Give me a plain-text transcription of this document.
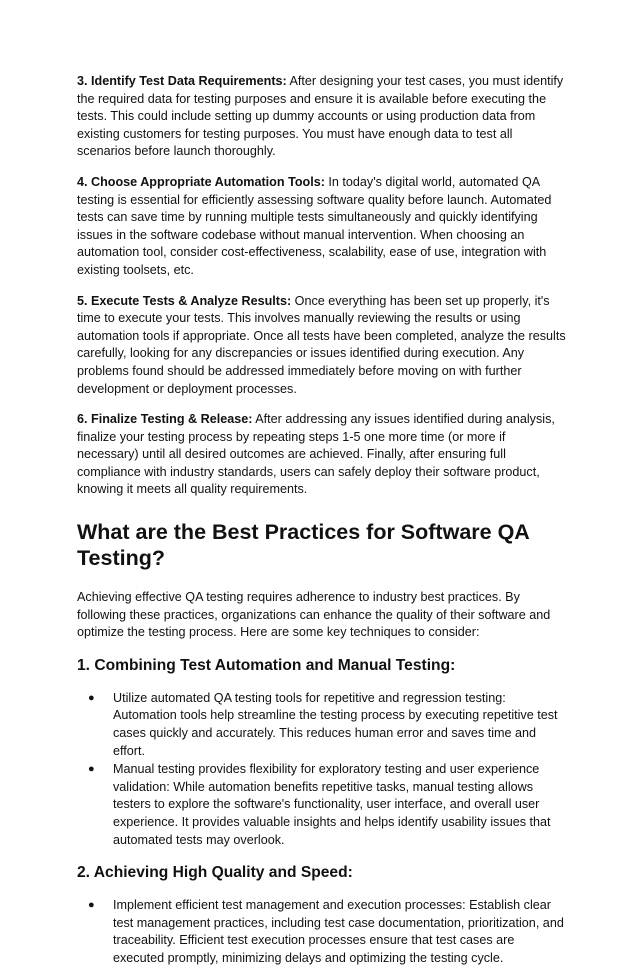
3. Identify Test Data Requirements: After designing your test cases, you must identify the required data for testing purposes and ensure it is available before executing the tests. This could include setting up dummy accounts or using production data from existing customers for testing purposes. You must have enough data to test all scenarios before launch thoroughly.

4. Choose Appropriate Automation Tools: In today's digital world, automated QA testing is essential for efficiently assessing software quality before launch. Automated tests can save time by running multiple tests simultaneously and quickly identifying issues in the software codebase without manual intervention. When choosing an automation tool, consider cost-effectiveness, scalability, ease of use, integration with existing toolsets, etc.

5. Execute Tests & Analyze Results: Once everything has been set up properly, it's time to execute your tests. This involves manually reviewing the results or using automation tools if appropriate. Once all tests have been completed, analyze the results carefully, looking for any discrepancies or issues identified during execution. Any problems found should be addressed immediately before moving on with further development or deployment processes.

6. Finalize Testing & Release: After addressing any issues identified during analysis, finalize your testing process by repeating steps 1-5 one more time (or more if necessary) until all desired outcomes are achieved. Finally, after ensuring full compliance with industry standards, users can safely deploy their software product, knowing it meets all quality requirements.

What are the Best Practices for Software QA Testing?

Achieving effective QA testing requires adherence to industry best practices. By following these practices, organizations can enhance the quality of their software and optimize the testing process. Here are some key techniques to consider:

1. Combining Test Automation and Manual Testing:
● Utilize automated QA testing tools for repetitive and regression testing: Automation tools help streamline the testing process by executing repetitive test cases quickly and accurately. This reduces human error and saves time and effort.
● Manual testing provides flexibility for exploratory testing and user experience validation: While automation benefits repetitive tasks, manual testing allows testers to explore the software's functionality, user interface, and overall user experience. It provides valuable insights and helps identify usability issues that automated tests may overlook.
2. Achieving High Quality and Speed:
● Implement efficient test management and execution processes: Establish clear test management practices, including test case documentation, prioritization, and traceability. Efficient test execution processes ensure that test cases are executed promptly, minimizing delays and optimizing the testing cycle.
